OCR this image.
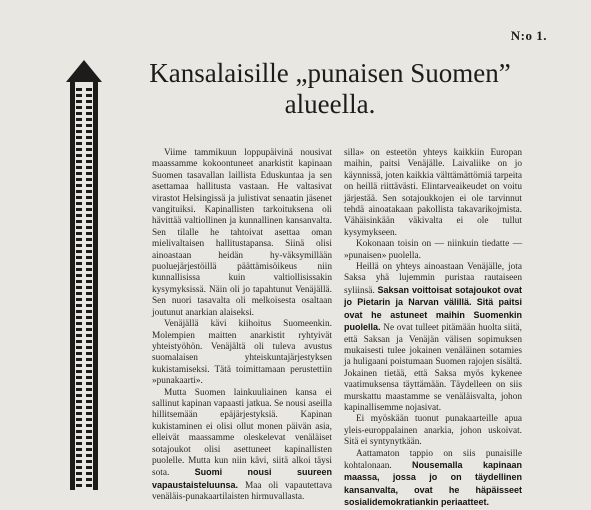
N:o 1.
Kansalaisille „punaisen Suomen”
alueella.

Viime tammikuun loppupäivinä nousivat maassamme kokoontuneet anarkistit kapinaan Suomen tasavallan laillista Eduskuntaa ja sen asettamaa hallitusta vastaan. He valtasivat virastot Helsingissä ja julistivat senaatin jäsenet vangituiksi. Kapinallisten tarkoituksena oli hävittää valtiollinen ja kunnallinen kansanvalta. Sen tilalle he tahtoivat asettaa oman mielivaltaisen hallitustapansa. Siinä olisi ainoastaan heidän hy-väksymillään puoluejärjestöillä päättämisöikeus niin kunnallisissa kuin valtiollisissakin kysymyksissä. Näin oli jo tapahtunut Venäjällä. Sen nuori tasavalta oli melkoisesta osaltaan joutunut anarkian alaiseksi.

Venäjällä kävi kiihoitus Suomeenkin. Molempien maitten anarkistit ryhtyivät yhteistyöhön. Venäjältä oli tuleva avustus suomalaisen yhteiskuntajärjestyksen kukistamiseksi. Tätä toimittamaan perustettiin »punakaarti».

Mutta Suomen lainkuuliainen kansa ei sallinut kapinan vapaasti jatkua. Se nousi aseilla hillitsemään epäjärjestyksiä. Kapinan kukistaminen ei olisi ollut monen päivän asia, elleivät maassamme oleskelevat venäläiset sotajoukot olisi asettuneet kapinallisten puolelle. Mutta kun niin kävi, siitä alkoi täysi sota.	Suomi nousi suureen vapaustaisteluunsa. Maa oli vapautettava venäläis-punakaartilaisten hirmuvallasta.

silla» on esteetön yhteys kaikkiin Europan maihin, paitsi Venäjälle. Laivaliike on jo käynnissä, joten kaikkia välttämättömiä tarpeita on heillä riittävästi. Elintarveaikeudet on voitu järjestää. Sen sotajoukkojen ei ole tarvinnut tehdä ainoatakaan pakollista takavarikojmista. Vähäisinkään väkivalta ei ole tullut kysymykseen.

Kokonaan toisin on — niinkuin tiedatte — »punaisen» puolella.

Heillä on yhteys ainoastaan Venäjälle, jota Saksa yhä lujemmin puristaa rautaiseen syliinsä. Saksan voittoisat sotajoukot ovat jo Pietarin ja Narvan välillä. Sitä paitsi ovat he astuneet maihin Suomenkin puolella. Ne ovat tulleet pitämään huolta siitä, että Saksan ja Venäjän välisen sopimuksen mukaisesti tulee jokainen venäläinen sotamies ja huligaani poistumaan Suomen rajojen sisältä. Jokainen tietää, että Saksa myös kykenee vaatimuksensa täyttämään. Täydelleen on siis murskattu maastamme se venäläisvalta, johon kapinallisemme nojasivat.

Ei myöskään tuonut punakaarteille apua yleis-europpalainen anarkia, johon uskoivat. Sitä ei syntynytkään.

Aattamaton tappio on siis punaisille kohtalonaan. Nousemalla kapinaan maassa, jossa jo on täydellinen kansanvalta, ovat he häpäisseet sosialidemokratiankin periaatteet.
